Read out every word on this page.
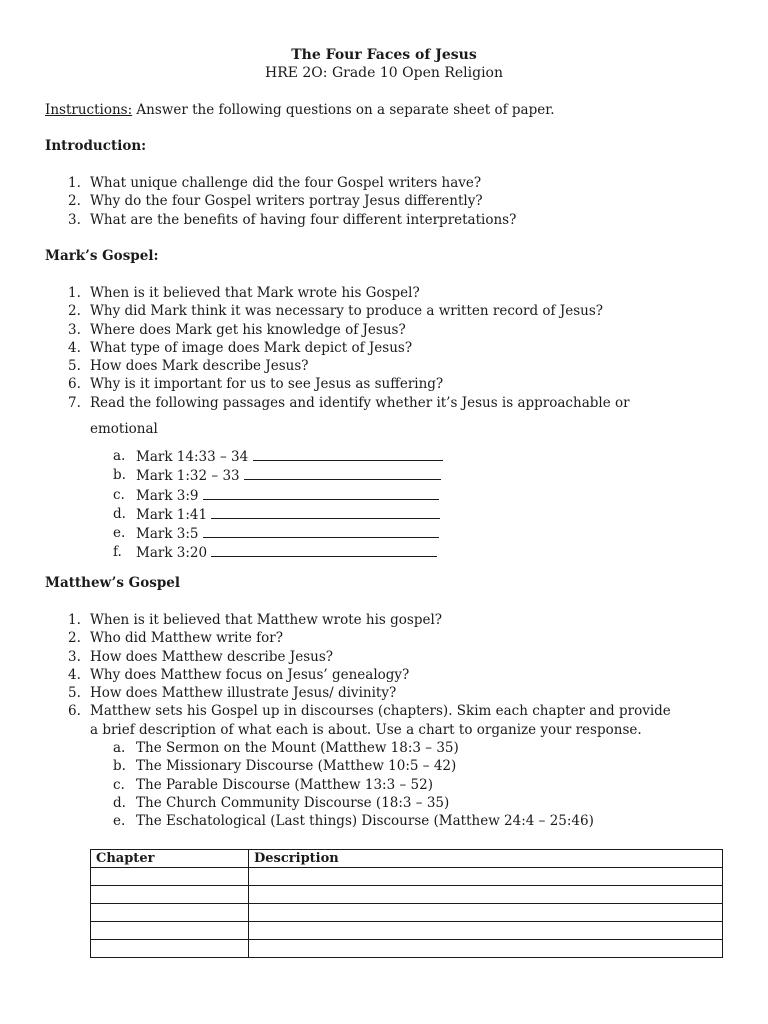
The Four Faces of Jesus
HRE 2O: Grade 10 Open Religion
Instructions: Answer the following questions on a separate sheet of paper.
Introduction:
1. What unique challenge did the four Gospel writers have?
2. Why do the four Gospel writers portray Jesus differently?
3. What are the benefits of having four different interpretations?
Mark’s Gospel:
1. When is it believed that Mark wrote his Gospel?
2. Why did Mark think it was necessary to produce a written record of Jesus?
3. Where does Mark get his knowledge of Jesus?
4. What type of image does Mark depict of Jesus?
5. How does Mark describe Jesus?
6. Why is it important for us to see Jesus as suffering?
7. Read the following passages and identify whether it’s Jesus is approachable or
emotional
a. Mark 14:33 – 34
b. Mark 1:32 – 33
c. Mark 3:9
d. Mark 1:41
e. Mark 3:5
f. Mark 3:20
Matthew’s Gospel
1. When is it believed that Matthew wrote his gospel?
2. Who did Matthew write for?
3. How does Matthew describe Jesus?
4. Why does Matthew focus on Jesus’ genealogy?
5. How does Matthew illustrate Jesus/ divinity?
6. Matthew sets his Gospel up in discourses (chapters). Skim each chapter and provide
a brief description of what each is about. Use a chart to organize your response.
a. The Sermon on the Mount (Matthew 18:3 – 35)
b. The Missionary Discourse (Matthew 10:5 – 42)
c. The Parable Discourse (Matthew 13:3 – 52)
d. The Church Community Discourse (18:3 – 35)
e. The Eschatological (Last things) Discourse (Matthew 24:4 – 25:46)
Chapter	Description
